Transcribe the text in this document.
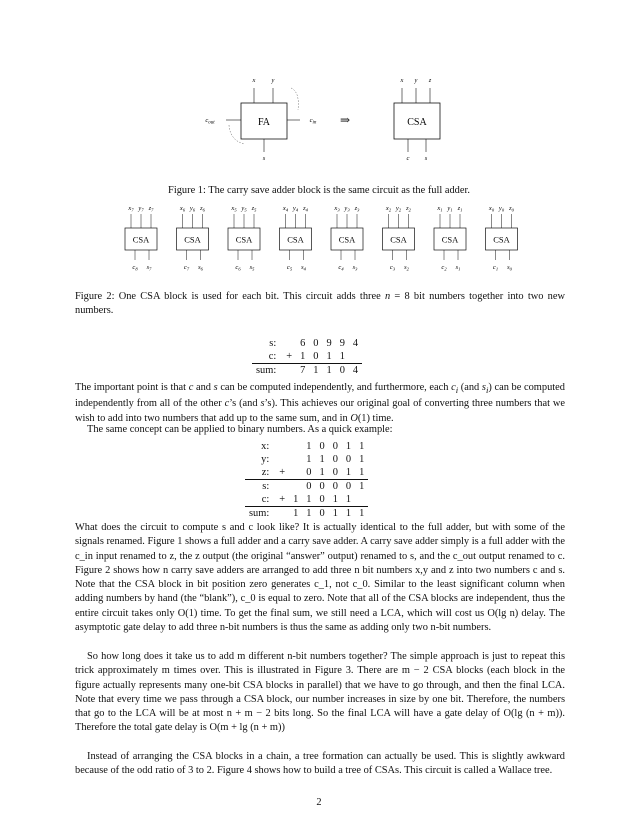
FA
x y
s
$c_{out}$	$c_{in}$ ⇒	CSA
x y z
c s
Figure 1: The carry save adder block is the same circuit as the full adder.
CSA
$x_7$ $y_7$ $z_7$
$c_8$ $s_7$
CSA
$x_6$ $y_6$ $z_6$
$c_7$ $s_6$
CSA
$x_5$ $y_5$ $z_5$
$c_6$ $s_5$
CSA
$x_4$ $y_4$ $z_4$
$c_5$ $s_4$
CSA
$x_3$ $y_3$ $z_3$
$c_4$ $s_3$
CSA
$x_2$ $y_2$ $z_2$
$c_3$ $s_2$
CSA
$x_1$ $y_1$ $z_1$
$c_2$ $s_1$
CSA
$x_0$ $y_0$ $z_0$
$c_1$ $s_0$
Figure 2: One CSA block is used for each bit. This circuit adds three n = 8 bit numbers together into two new numbers.
s:		6	0	9	9	4
c:	+	1	0	1	1	
sum:		7	1	1	0	4
The important point is that c and s can be computed independently, and furthermore, each $c_i$ (and $s_i$) can be computed independently from all of the other c’s (and s’s). This achieves our original goal of converting three numbers that we wish to add into two numbers that add up to the same sum, and in O(1) time.
The same concept can be applied to binary numbers. As a quick example:
x:			1	0	0	1	1
y:			1	1	0	0	1
z:	+		0	1	0	1	1
s:			0	0	0	0	1
c:	+	1	1	0	1	1	
sum:		1	1	0	1	1	1
What does the circuit to compute s and c look like? It is actually identical to the full adder, but with some of the signals renamed. Figure 1 shows a full adder and a carry save adder. A carry save adder simply is a full adder with the c_in input renamed to z, the z output (the original “answer” output) renamed to s, and the c_out output renamed to c. Figure 2 shows how n carry save adders are arranged to add three n bit numbers x,y and z into two numbers c and s. Note that the CSA block in bit position zero generates c_1, not c_0. Similar to the least significant column when adding numbers by hand (the “blank”), c_0 is equal to zero. Note that all of the CSA blocks are independent, thus the entire circuit takes only O(1) time. To get the final sum, we still need a LCA, which will cost us O(lg n) delay. The asymptotic gate delay to add three n-bit numbers is thus the same as adding only two n-bit numbers.
So how long does it take us to add m different n-bit numbers together? The simple approach is just to repeat this trick approximately m times over. This is illustrated in Figure 3. There are m − 2 CSA blocks (each block in the figure actually represents many one-bit CSA blocks in parallel) that we have to go through, and then the final LCA. Note that every time we pass through a CSA block, our number increases in size by one bit. Therefore, the numbers that go to the LCA will be at most n + m − 2 bits long. So the final LCA will have a gate delay of O(lg (n + m)). Therefore the total gate delay is O(m + lg (n + m))
Instead of arranging the CSA blocks in a chain, a tree formation can actually be used. This is slightly awkward because of the odd ratio of 3 to 2. Figure 4 shows how to build a tree of CSAs. This circuit is called a Wallace tree.
2
